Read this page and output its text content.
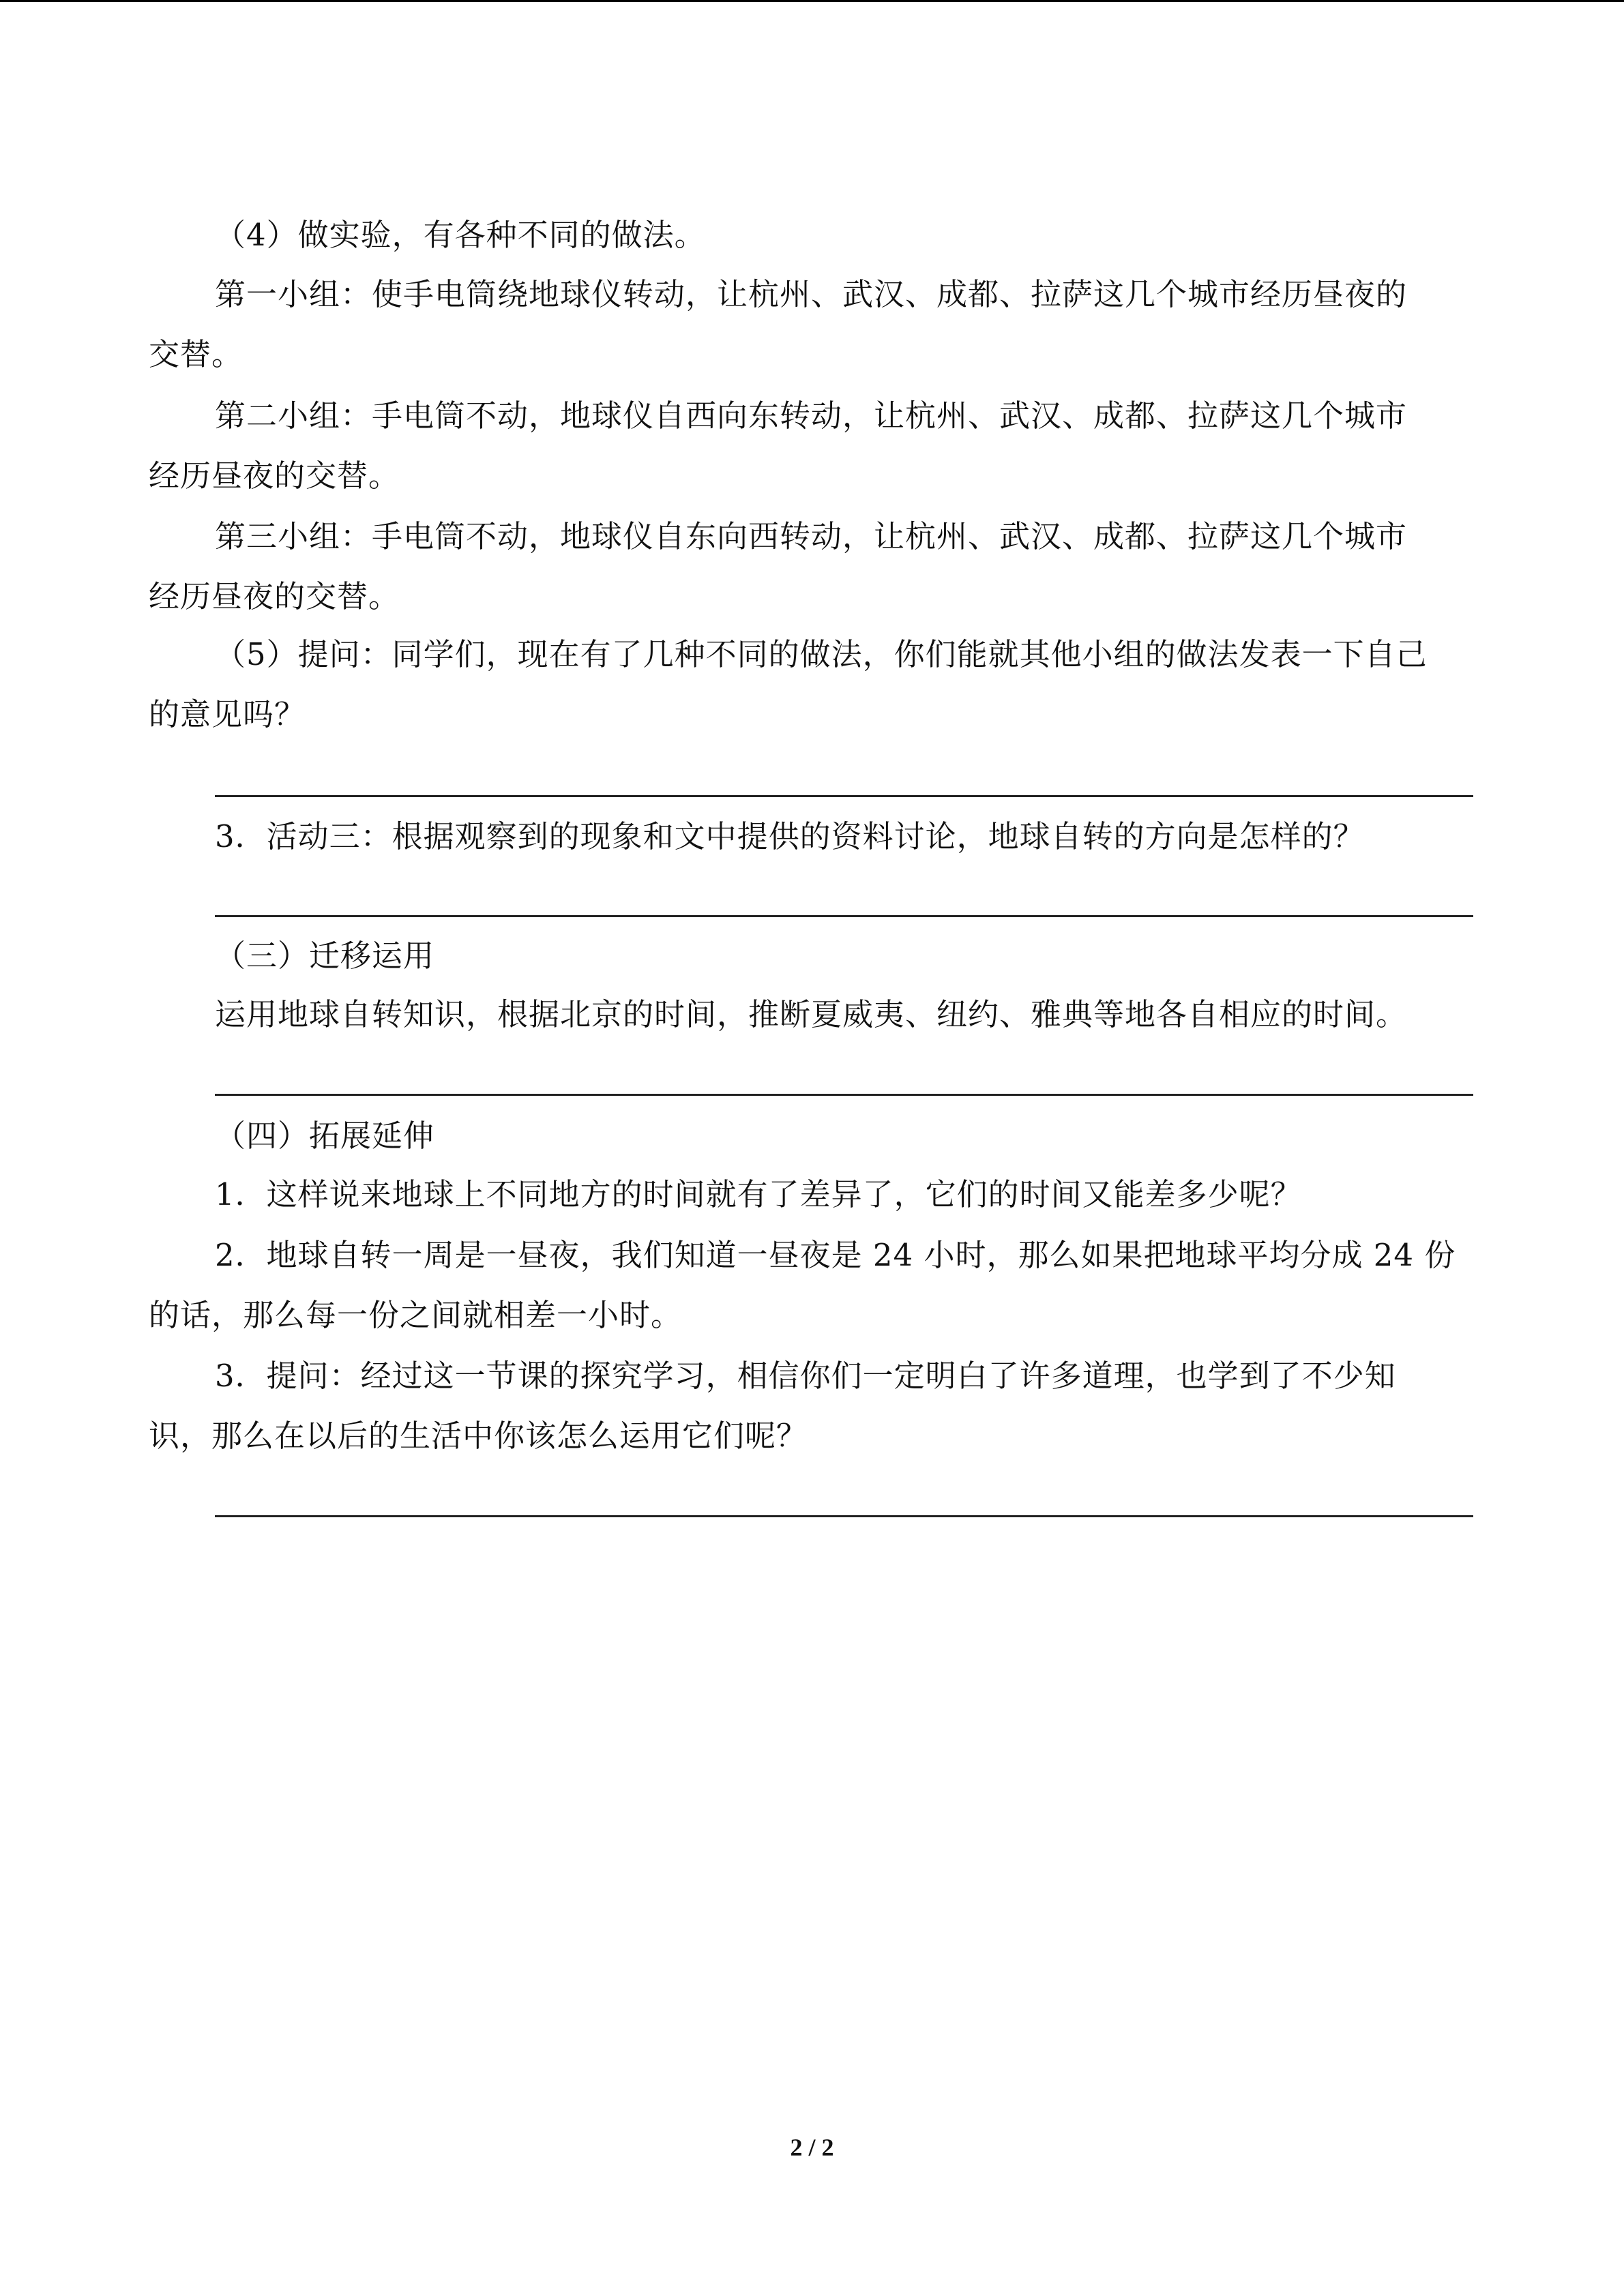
（4）做实验，有各种不同的做法。
第一小组：使手电筒绕地球仪转动，让杭州、武汉、成都、拉萨这几个城市经历昼夜的
交替。
第二小组：手电筒不动，地球仪自西向东转动，让杭州、武汉、成都、拉萨这几个城市
经历昼夜的交替。
第三小组：手电筒不动，地球仪自东向西转动，让杭州、武汉、成都、拉萨这几个城市
经历昼夜的交替。
（5）提问：同学们，现在有了几种不同的做法，你们能就其他小组的做法发表一下自己
的意见吗？
3．活动三：根据观察到的现象和文中提供的资料讨论，地球自转的方向是怎样的？
（三）迁移运用
运用地球自转知识，根据北京的时间，推断夏威夷、纽约、雅典等地各自相应的时间。
（四）拓展延伸
1．这样说来地球上不同地方的时间就有了差异了，它们的时间又能差多少呢？
2．地球自转一周是一昼夜，我们知道一昼夜是 24 小时，那么如果把地球平均分成 24 份
的话，那么每一份之间就相差一小时。
3．提问：经过这一节课的探究学习，相信你们一定明白了许多道理，也学到了不少知
识，那么在以后的生活中你该怎么运用它们呢？
2 / 2
